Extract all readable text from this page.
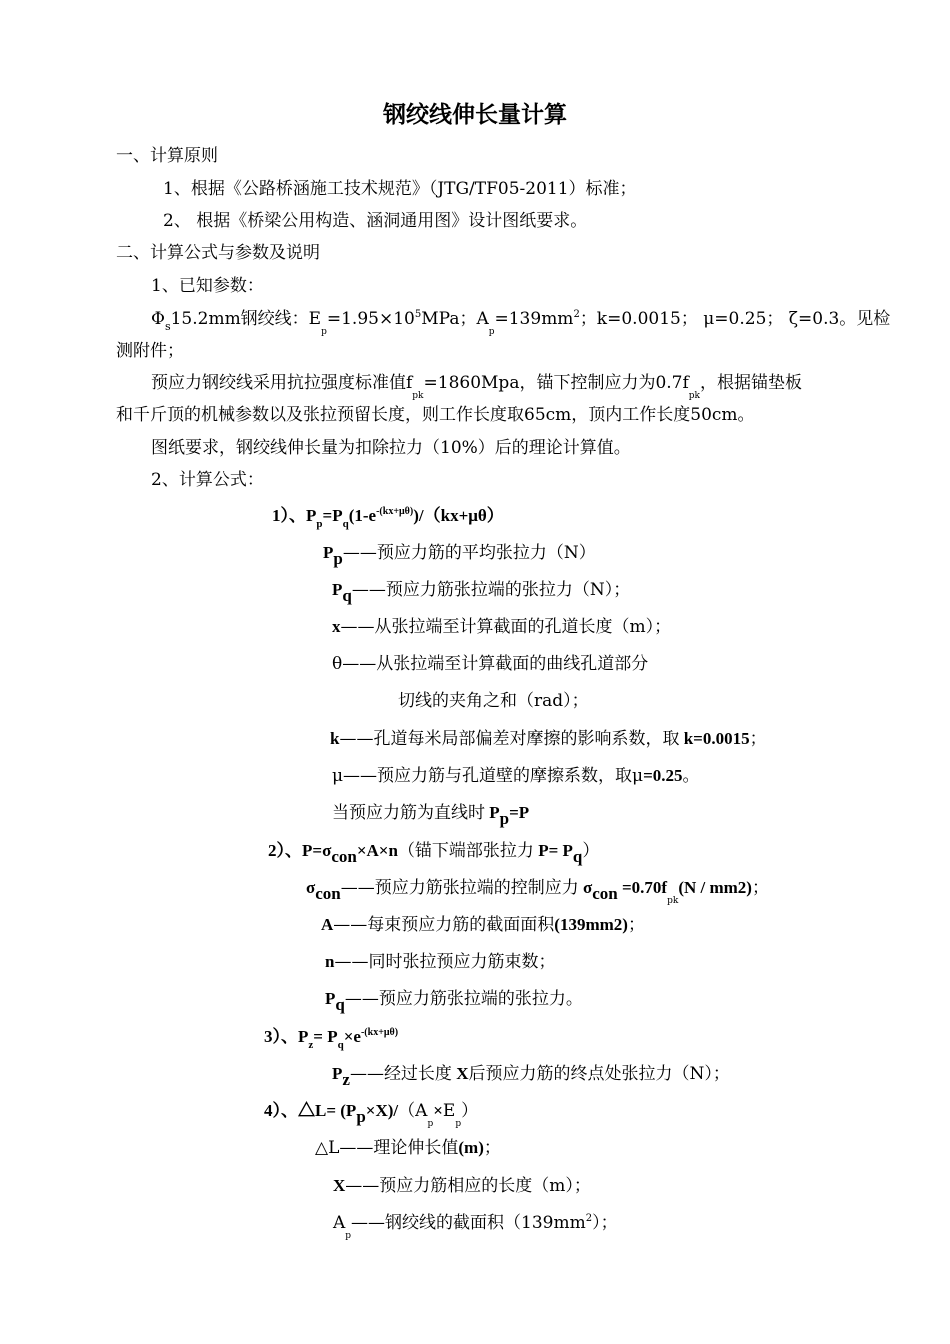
钢绞线伸长量计算
一、计算原则
1、根据《公路桥涵施工技术规范》（JTG/TF05-2011）标准；
2、 根据《桥梁公用构造、涵洞通用图》设计图纸要求。
二、计算公式与参数及说明
1、已知参数：
$\Phi_s15.2mm$钢绞线：$E_p=1.95\times 10^5MPa$；$A_p=139mm^2$；k=0.0015； μ=0.25； ζ=0.3。见检
测附件；
预应力钢绞线采用抗拉强度标准值$f_{pk}=1860Mpa$，锚下控制应力为$0.7f_{pk}$，根据锚垫板
和千斤顶的机械参数以及张拉预留长度，则工作长度取65cm，顶内工作长度50cm。
图纸要求，钢绞线伸长量为扣除拉力（10%）后的理论计算值。
2、计算公式：
1）、$P_p=P_q(1-e^{-(kx+\mu\theta)})/(kx+\mu\theta)$
$P_p——$预应力筋的平均张拉力（N）
$P_q——$预应力筋张拉端的张拉力（N）；
x——从张拉端至计算截面的孔道长度（m）；
θ——从张拉端至计算截面的曲线孔道部分
切线的夹角之和（rad）；
k——孔道每米局部偏差对摩擦的影响系数，取 k=0.0015；
μ——预应力筋与孔道壁的摩擦系数，取μ=0.25。
当预应力筋为直线时 $P_p=P$
2）、$P=\sigma_{con}\times A\times n$（锚下端部张拉力 $P= P_q$）
$\sigma_{con}——$预应力筋张拉端的控制应力 $\sigma_{con} =0.70f_{pk}(N / mm2)$；
A——每束预应力筋的截面面积(139mm2)；
n——同时张拉预应力筋束数；
$P_q——$预应力筋张拉端的张拉力。
3）、$P_z= P_q\times e^{-(kx+\mu\theta)}$
$P_z——$经过长度 X后预应力筋的终点处张拉力（N）；
4）、△L= $(P_p\times X)/(A_p\times E_p)$
△L——理论伸长值(m)；
X——预应力筋相应的长度（m）；
$A_p——$钢绞线的截面积$(139mm^2)$；
